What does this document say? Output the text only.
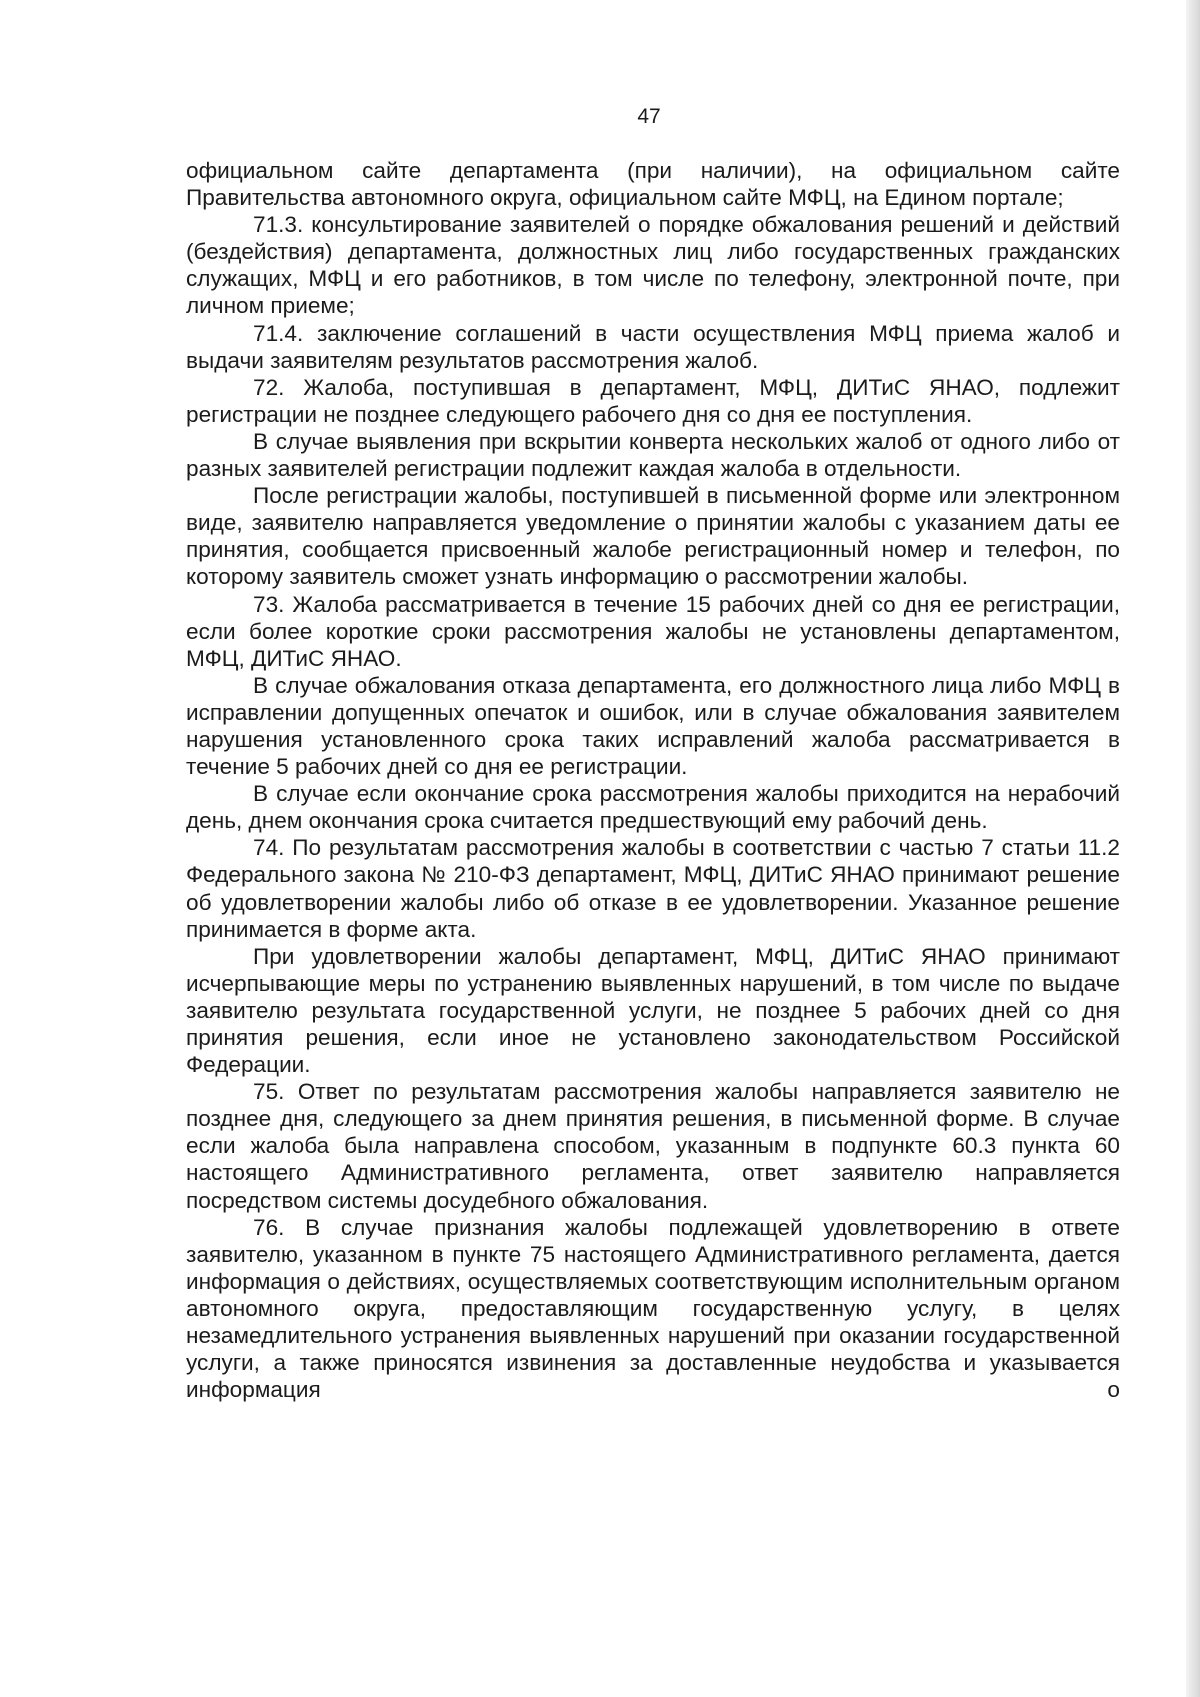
47

официальном сайте департамента (при наличии), на официальном сайте Правительства автономного округа, официальном сайте МФЦ, на Едином портале;

71.3. консультирование заявителей о порядке обжалования решений и действий (бездействия) департамента, должностных лиц либо государственных гражданских служащих, МФЦ и его работников, в том числе по телефону, электронной почте, при личном приеме;

71.4. заключение соглашений в части осуществления МФЦ приема жалоб и выдачи заявителям результатов рассмотрения жалоб.

72. Жалоба, поступившая в департамент, МФЦ, ДИТиС ЯНАО, подлежит регистрации не позднее следующего рабочего дня со дня ее поступления.

В случае выявления при вскрытии конверта нескольких жалоб от одного либо от разных заявителей регистрации подлежит каждая жалоба в отдельности.

После регистрации жалобы, поступившей в письменной форме или электронном виде, заявителю направляется уведомление о принятии жалобы с указанием даты ее принятия, сообщается присвоенный жалобе регистрационный номер и телефон, по которому заявитель сможет узнать информацию о рассмотрении жалобы.

73. Жалоба рассматривается в течение 15 рабочих дней со дня ее регистрации, если более короткие сроки рассмотрения жалобы не установлены департаментом, МФЦ, ДИТиС ЯНАО.

В случае обжалования отказа департамента, его должностного лица либо МФЦ в исправлении допущенных опечаток и ошибок, или в случае обжалования заявителем нарушения установленного срока таких исправлений жалоба рассматривается в течение 5 рабочих дней со дня ее регистрации.

В случае если окончание срока рассмотрения жалобы приходится на нерабочий день, днем окончания срока считается предшествующий ему рабочий день.

74. По результатам рассмотрения жалобы в соответствии с частью 7 статьи 11.2 Федерального закона № 210-ФЗ департамент, МФЦ, ДИТиС ЯНАО принимают решение об удовлетворении жалобы либо об отказе в ее удовлетворении. Указанное решение принимается в форме акта.

При удовлетворении жалобы департамент, МФЦ, ДИТиС ЯНАО принимают исчерпывающие меры по устранению выявленных нарушений, в том числе по выдаче заявителю результата государственной услуги, не позднее 5 рабочих дней со дня принятия решения, если иное не установлено законодательством Российской Федерации.

75. Ответ по результатам рассмотрения жалобы направляется заявителю не позднее дня, следующего за днем принятия решения, в письменной форме. В случае если жалоба была направлена способом, указанным в подпункте 60.3 пункта 60 настоящего Административного регламента, ответ заявителю направляется посредством системы досудебного обжалования.

76. В случае признания жалобы подлежащей удовлетворению в ответе заявителю, указанном в пункте 75 настоящего Административного регламента, дается информация о действиях, осуществляемых соответствующим исполнительным органом автономного округа, предоставляющим государственную услугу, в целях незамедлительного устранения выявленных нарушений при оказании государственной услуги, а также приносятся извинения за доставленные неудобства и указывается информация о
